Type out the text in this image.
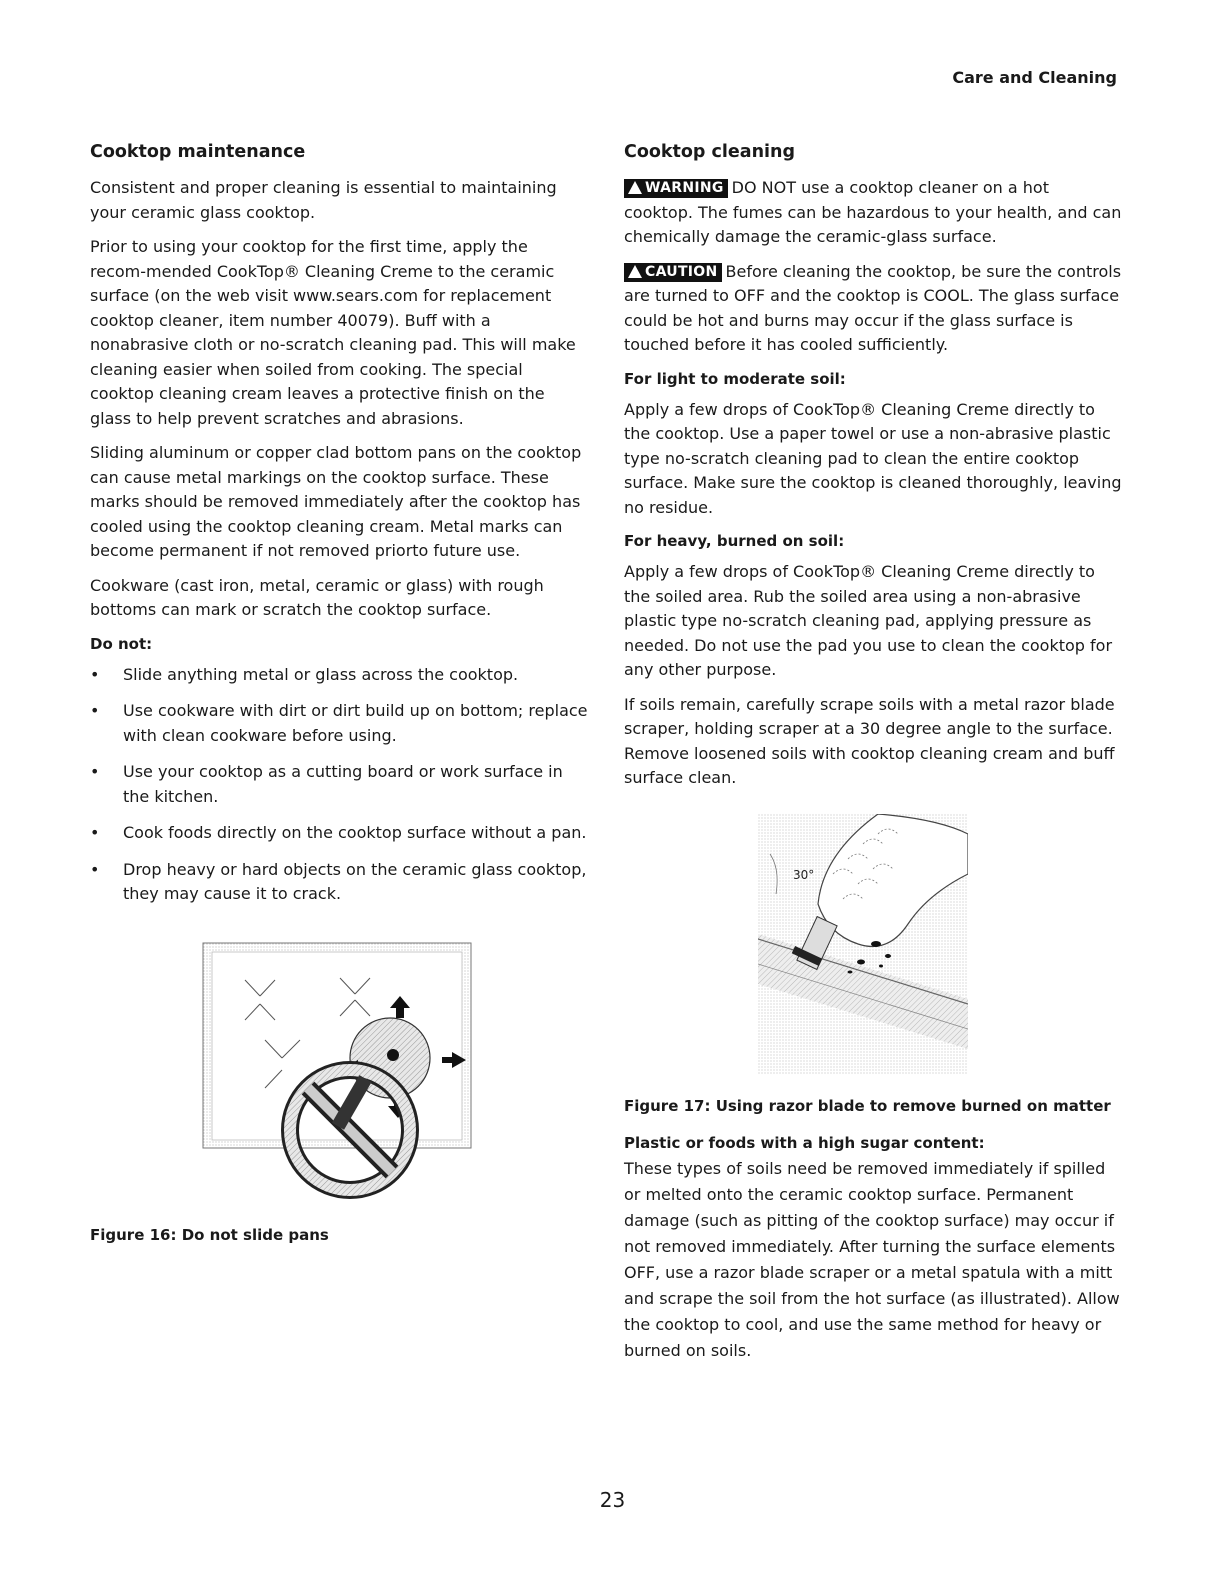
Care and Cleaning
Cooktop maintenance

Consistent and proper cleaning is essential to maintaining your ceramic glass cooktop.

Prior to using your cooktop for the first time, apply the recom-mended CookTop® Cleaning Creme to the ceramic surface (on the web visit www.sears.com for replacement cooktop cleaner, item number 40079). Buff with a nonabrasive cloth or no-scratch cleaning pad. This will make cleaning easier when soiled from cooking. The special cooktop cleaning cream leaves a protective finish on the glass to help prevent scratches and abrasions.

Sliding aluminum or copper clad bottom pans on the cooktop can cause metal markings on the cooktop surface. These marks should be removed immediately after the cooktop has cooled using the cooktop cleaning cream. Metal marks can become permanent if not removed priorto future use.

Cookware (cast iron, metal, ceramic or glass) with rough bottoms can mark or scratch the cooktop surface.

Do not:
• Slide anything metal or glass across the cooktop.
• Use cookware with dirt or dirt build up on bottom; replace with clean cookware before using.
• Use your cooktop as a cutting board or work surface in the kitchen.
• Cook foods directly on the cooktop surface without a pan.
• Drop heavy or hard objects on the ceramic glass cooktop, they may cause it to crack.
Figure 16: Do not slide pans
Cooktop cleaning

WARNING DO NOT use a cooktop cleaner on a hot cooktop. The fumes can be hazardous to your health, and can chemically damage the ceramic-glass surface.

CAUTION Before cleaning the cooktop, be sure the controls are turned to OFF and the cooktop is COOL. The glass surface could be hot and burns may occur if the glass surface is touched before it has cooled sufficiently.

For light to moderate soil:

Apply a few drops of CookTop® Cleaning Creme directly to the cooktop. Use a paper towel or use a non-abrasive plastic type no-scratch cleaning pad to clean the entire cooktop surface. Make sure the cooktop is cleaned thoroughly, leaving no residue.

For heavy, burned on soil:

Apply a few drops of CookTop® Cleaning Creme directly to the soiled area. Rub the soiled area using a non-abrasive plastic type no-scratch cleaning pad, applying pressure as needed. Do not use the pad you use to clean the cooktop for any other purpose.

If soils remain, carefully scrape soils with a metal razor blade scraper, holding scraper at a 30 degree angle to the surface. Remove loosened soils with cooktop cleaning cream and buff surface clean.

30°
Figure 17: Using razor blade to remove burned on matter
Plastic or foods with a high sugar content:

These types of soils need be removed immediately if spilled or melted onto the ceramic cooktop surface. Permanent damage (such as pitting of the cooktop surface) may occur if not removed immediately. After turning the surface elements OFF, use a razor blade scraper or a metal spatula with a mitt and scrape the soil from the hot surface (as illustrated). Allow the cooktop to cool, and use the same method for heavy or burned on soils.

23
